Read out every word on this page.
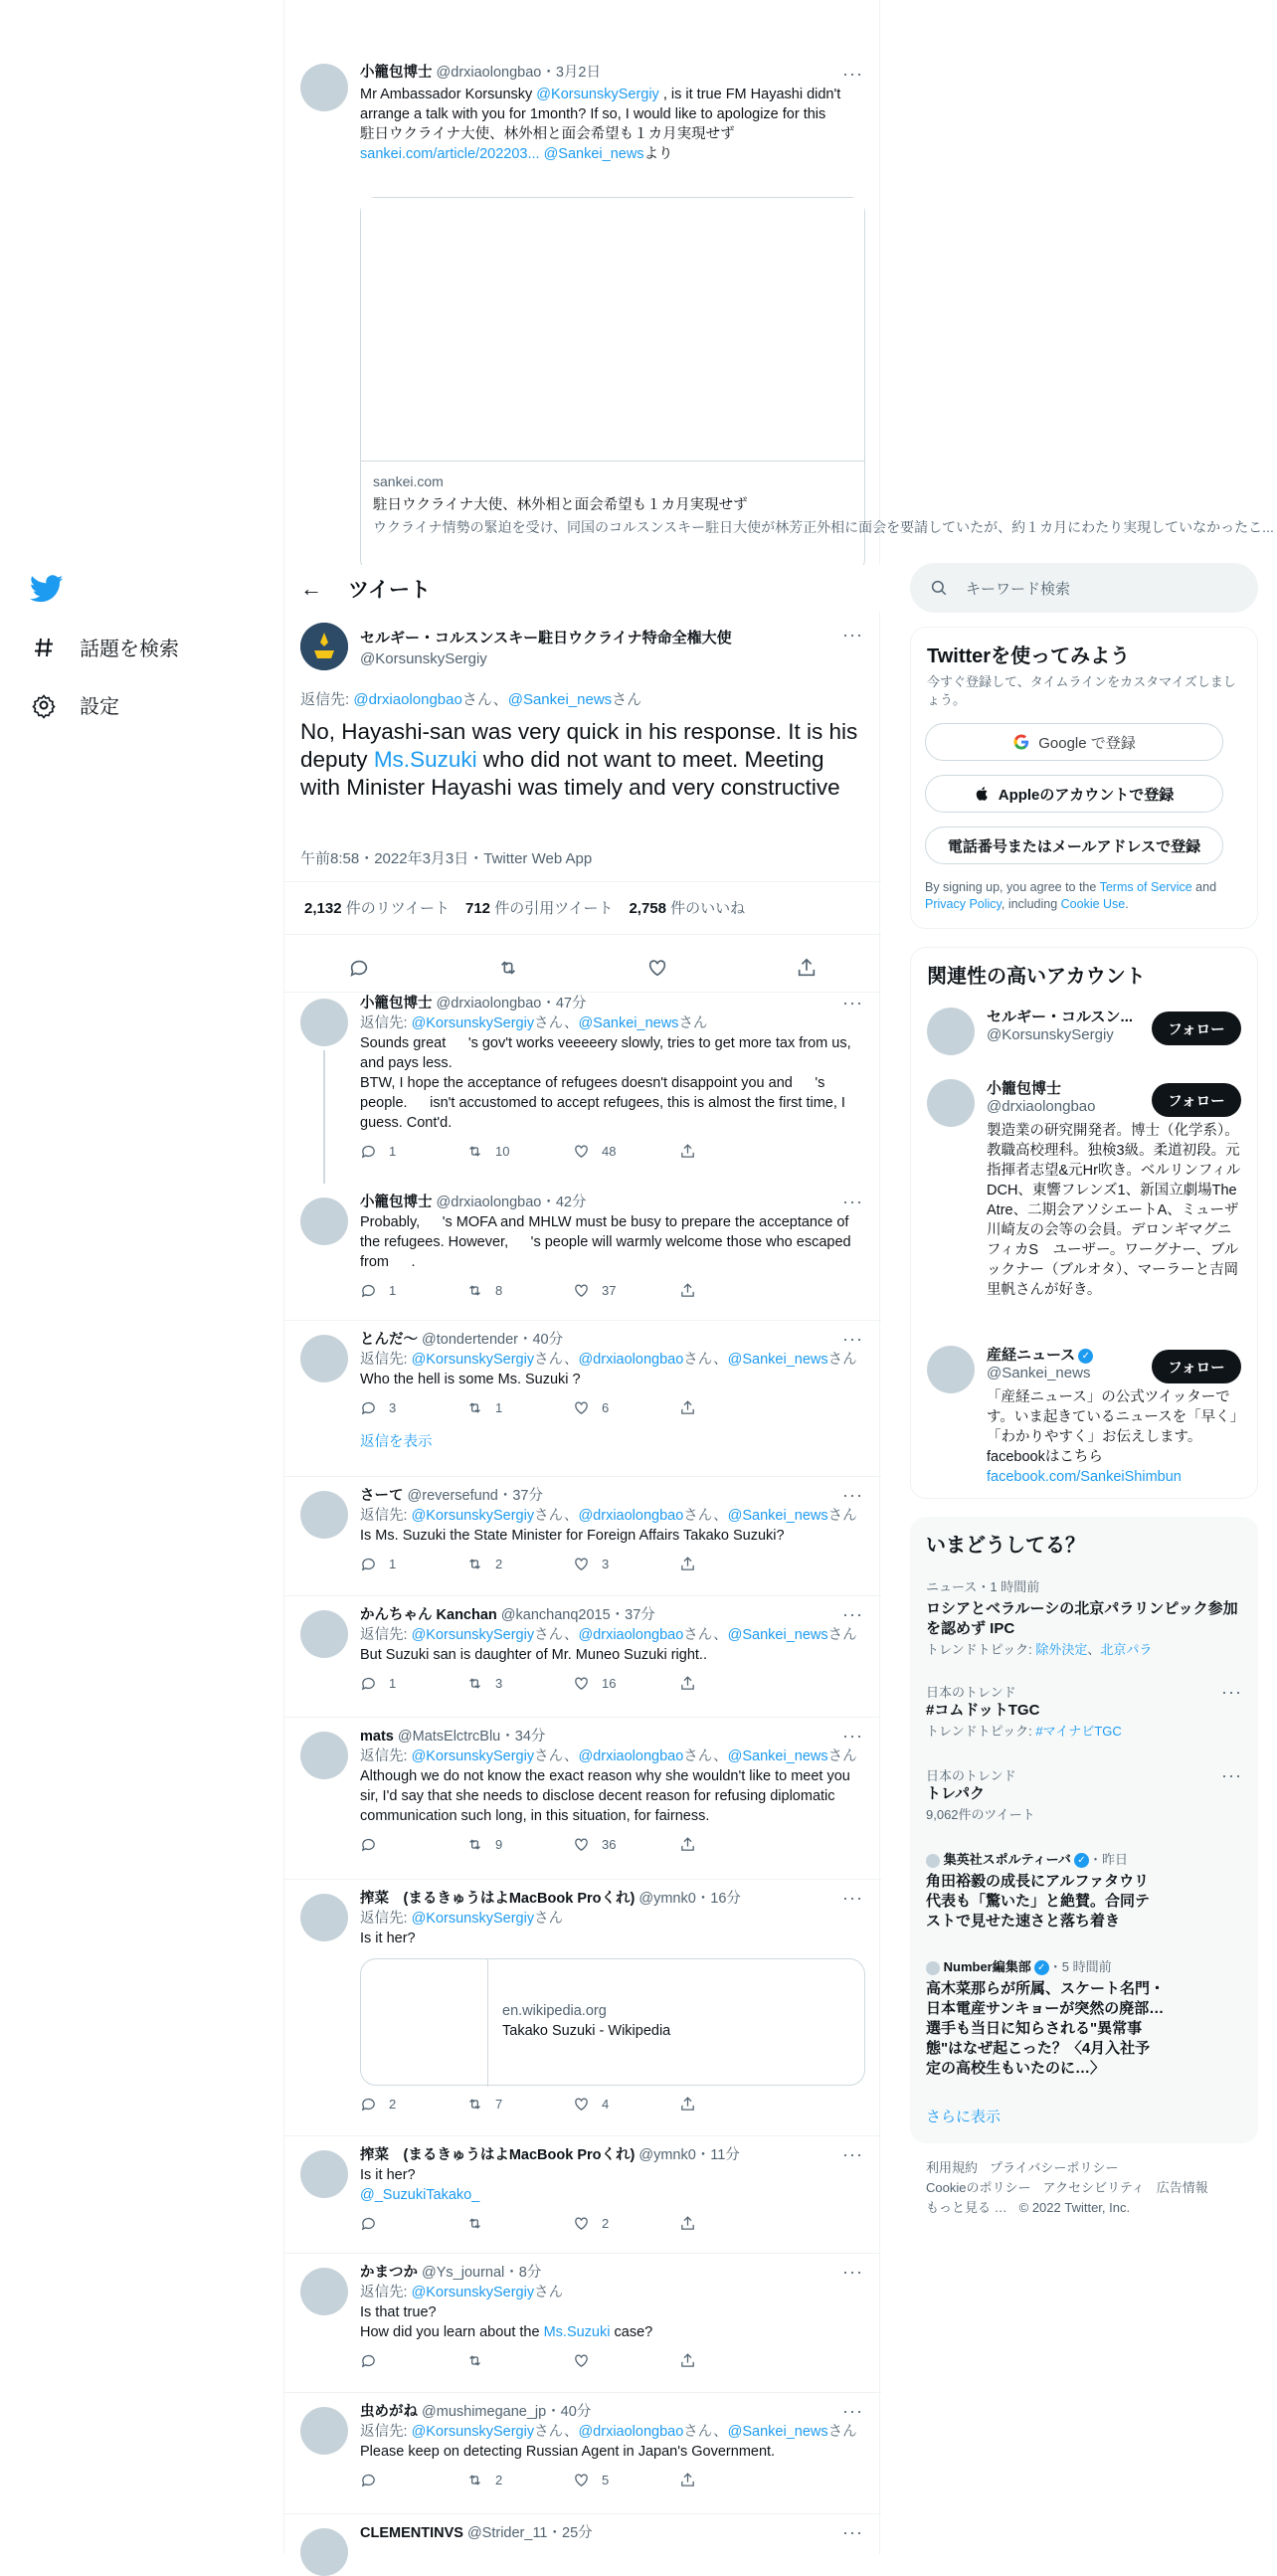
話題を検索
設定
小籠包博士 @drxiaolongbao・3月2日
Mr Ambassador Korsunsky @KorsunskySergiy , is it true FM Hayashi didn't arrange a talk with you for 1month? If so, I would like to apologize for this
駐日ウクライナ大使、林外相と面会希望も１カ月実現せず
sankei.com/article/202203... @Sankei_newsより
···
sankei.com
駐日ウクライナ大使、林外相と面会希望も１カ月実現せず
ウクライナ情勢の緊迫を受け、同国のコルスンスキー駐日大使が林芳正外相に面会を要請していたが、約１カ月にわたり実現していなかったこ...
←	ツイート
セルギー・コルスンスキー駐日ウクライナ特命全権大使
@KorsunskySergiy
···
返信先: @drxiaolongbaoさん、@Sankei_newsさん
No, Hayashi-san was very quick in his response. It is his deputy Ms.Suzuki who did not want to meet. Meeting with Minister Hayashi was timely and very constructive
午前8:58・2022年3月3日・Twitter Web App
2,132 件のリツイート 712 件の引用ツイート 2,758 件のいいね
···
小籠包博士 @drxiaolongbao・47分
返信先: @KorsunskySergiyさん、@Sankei_newsさん
Sounds great 　 's gov't works veeeeery slowly, tries to get more tax from us, and pays less.
BTW, I hope the acceptance of refugees doesn't disappoint you and 　 's people. 　 isn't accustomed to accept refugees, this is almost the first time, I guess. Cont'd.
1	10	48
···
小籠包博士 @drxiaolongbao・42分
Probably, 　 's MOFA and MHLW must be busy to prepare the acceptance of the refugees. However, 　 's people will warmly welcome those who escaped from 　 .
1	8	37
···
とんだ〜 @tondertender・40分
返信先: @KorsunskySergiyさん、@drxiaolongbaoさん、@Sankei_newsさん
Who the hell is some Ms. Suzuki ?
3	1	6
返信を表示
···
さーて @reversefund・37分
返信先: @KorsunskySergiyさん、@drxiaolongbaoさん、@Sankei_newsさん
Is Ms. Suzuki the State Minister for Foreign Affairs Takako Suzuki?
1	2	3
···
かんちゃん Kanchan @kanchanq2015・37分
返信先: @KorsunskySergiyさん、@drxiaolongbaoさん、@Sankei_newsさん
But Suzuki san is daughter of Mr. Muneo Suzuki right..
1	3	16
···
mats @MatsElctrcBlu・34分
返信先: @KorsunskySergiyさん、@drxiaolongbaoさん、@Sankei_newsさん
Although we do not know the exact reason why she wouldn't like to meet you sir, I'd say that she needs to disclose decent reason for refusing diplomatic communication such long, in this situation, for fairness.
9	36
···
搾菜　(まるきゅうはよMacBook Proくれ) @ymnk0・16分
返信先: @KorsunskySergiyさん
Is it her?
en.wikipedia.org
Takako Suzuki - Wikipedia
2	7	4
···
搾菜　(まるきゅうはよMacBook Proくれ) @ymnk0・11分
Is it her?
@_SuzukiTakako_
2
···
かまつか @Ys_journal・8分
返信先: @KorsunskySergiyさん
Is that true?
How did you learn about the Ms.Suzuki case?
···
虫めがね @mushimegane_jp・40分
返信先: @KorsunskySergiyさん、@drxiaolongbaoさん、@Sankei_newsさん
Please keep on detecting Russian Agent in Japan's Government.
2	5
···
CLEMENTINVS @Strider_11・25分
キーワード検索
Twitterを使ってみよう
今すぐ登録して、タイムラインをカスタマイズしましょう。
Google で登録
Appleのアカウントで登録
電話番号またはメールアドレスで登録
By signing up, you agree to the Terms of Service and Privacy Policy, including Cookie Use.
関連性の高いアカウント
セルギー・コルスン...
@KorsunskySergiy	フォロー
小籠包博士
@drxiaolongbao	フォロー
製造業の研究開発者。博士（化学系）。教職高校理科。独検3級。柔道初段。元指揮者志望&元Hr吹き。ベルリンフィルDCH、東響フレンズ1、新国立劇場The Atre、二期会アソシエートA、ミューザ川崎友の会等の会員。デロンギマグニフィカS　ユーザー。ワーグナー、ブルックナー（ブルオタ）、マーラーと吉岡里帆さんが好き。
産経ニュース ✓
@Sankei_news	フォロー
「産経ニュース」の公式ツイッターです。いま起きているニュースを「早く」「わかりやすく」お伝えします。facebookはこちら
facebook.com/SankeiShimbun
いまどうしてる？
ニュース・1 時間前
ロシアとベラルーシの北京パラリンピック参加を認めず IPC
トレンドトピック: 除外決定、北京パラ
日本のトレンド
#コムドットTGC
トレンドトピック: #マイナビTGC
···
日本のトレンド
トレパク
9,062件のツイート
···
集英社スポルティーバ ✓ ・昨日
角田裕毅の成長にアルファタウリ代表も「驚いた」と絶賛。合同テストで見せた速さと落ち着き
Number編集部 ✓ ・5 時間前
高木菜那らが所属、スケート名門・日本電産サンキョーが突然の廃部…選手も当日に知らされる"異常事態"はなぜ起こった？〈4月入社予定の高校生もいたのに…〉
さらに表示
利用規約 プライバシーポリシー
Cookieのポリシー アクセシビリティ 広告情報
もっと見る … © 2022 Twitter, Inc.
